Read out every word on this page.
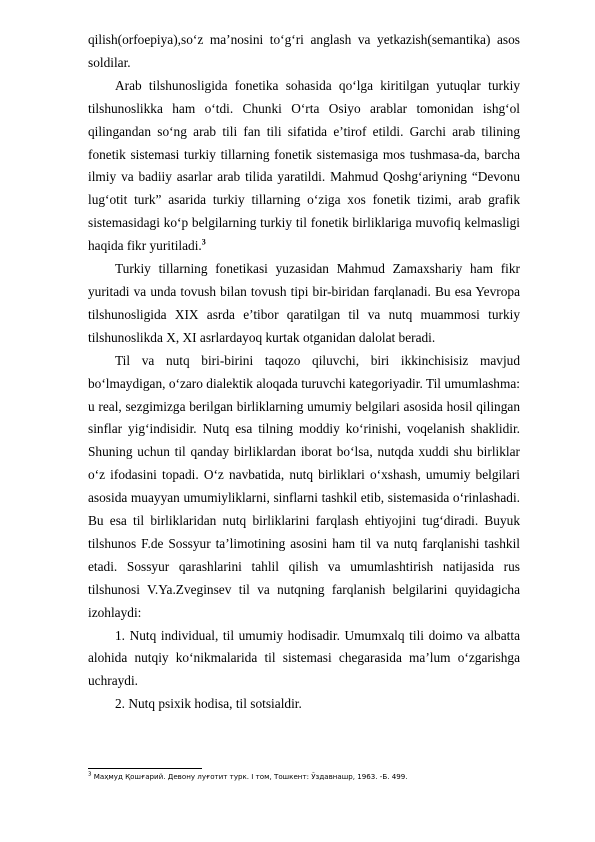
qilish(orfoepiya),so‘z ma’nosini to‘g‘ri anglash va yetkazish(semantika) asos soldilar.

Arab tilshunosligida fonetika sohasida qo‘lga kiritilgan yutuqlar turkiy tilshunoslikka ham o‘tdi. Chunki O‘rta Osiyo arablar tomonidan ishg‘ol qilingandan so‘ng arab tili fan tili sifatida e’tirof etildi. Garchi arab tilining fonetik sistemasi turkiy tillarning fonetik sistemasiga mos tushmasa-da, barcha ilmiy va badiiy asarlar arab tilida yaratildi. Mahmud Qoshg‘ariyning “Devonu lug‘otit turk” asarida turkiy tillarning o‘ziga xos fonetik tizimi, arab grafik sistemasidagi ko‘p belgilarning turkiy til fonetik birliklariga muvofiq kelmasligi haqida fikr yuritiladi.$^3$

Turkiy tillarning fonetikasi yuzasidan Mahmud Zamaxshariy ham fikr yuritadi va unda tovush bilan tovush tipi bir-biridan farqlanadi. Bu esa Yevropa tilshunosligida XIX asrda e’tibor qaratilgan til va nutq muammosi turkiy tilshunoslikda X, XI asrlardayoq kurtak otganidan dalolat beradi.

Til va nutq biri-birini taqozo qiluvchi, biri ikkinchisisiz mavjud bo‘lmaydigan, o‘zaro dialektik aloqada turuvchi kategoriyadir. Til umumlashma: u real, sezgimizga berilgan birliklarning umumiy belgilari asosida hosil qilingan sinflar yig‘indisidir. Nutq esa tilning moddiy ko‘rinishi, voqelanish shaklidir. Shuning uchun til qanday birliklardan iborat bo‘lsa, nutqda xuddi shu birliklar o‘z ifodasini topadi. O‘z navbatida, nutq birliklari o‘xshash, umumiy belgilari asosida muayyan umumiyliklarni, sinflarni tashkil etib, sistemasida o‘rinlashadi. Bu esa til birliklaridan nutq birliklarini farqlash ehtiyojini tug‘diradi. Buyuk tilshunos F.de Sossyur ta’limotining asosini ham til va nutq farqlanishi tashkil etadi. Sossyur qarashlarini tahlil qilish va umumlashtirish natijasida rus tilshunosi V.Ya.Zveginsev til va nutqning farqlanish belgilarini quyidagicha izohlaydi:

1. Nutq individual, til umumiy hodisadir. Umumxalq tili doimo va albatta alohida nutqiy ko‘nikmalarida til sistemasi chegarasida ma’lum o‘zgarishga uchraydi.

2. Nutq psixik hodisa, til sotsialdir.

$^3$ Маҳмуд Қошғарий. Девону луғотит турк. I том, Тошкент: Ўздавнашр, 1963. -Б. 499.
